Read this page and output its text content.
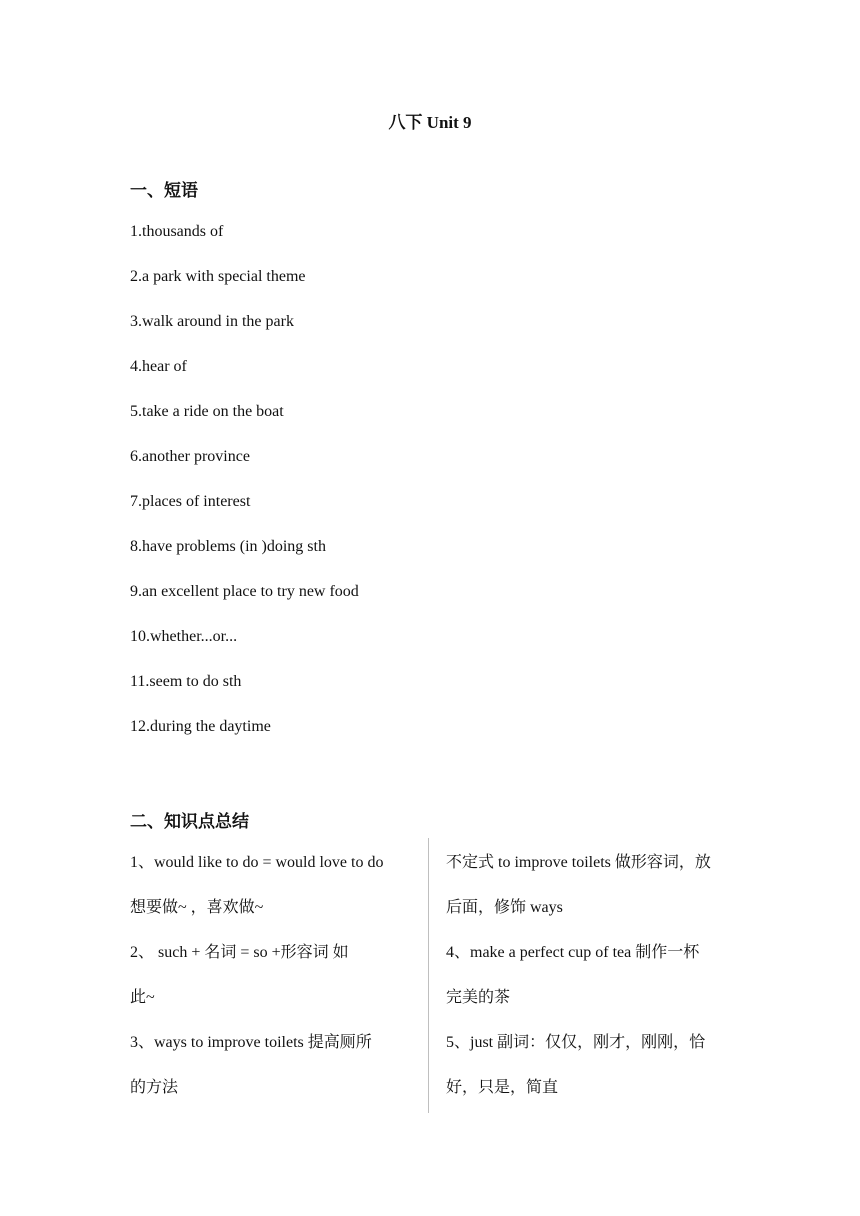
八下 Unit 9
一、短语
1.thousands of
2.a park with special theme
3.walk around in the park
4.hear of
5.take a ride on the boat
6.another province
7.places of interest
8.have problems (in )doing sth
9.an excellent place to try new food
10.whether...or...
11.seem to do sth
12.during the daytime
二、知识点总结
1、would like to do = would love to do
想要做~ ，喜欢做~
2、 such + 名词 = so +形容词 如
此~
3、ways to improve toilets 提高厕所
的方法
不定式 to improve toilets 做形容词，放
后面，修饰 ways
4、make a perfect cup of tea 制作一杯
完美的茶
5、just 副词：仅仅，刚才，刚刚，恰
好，只是，简直
